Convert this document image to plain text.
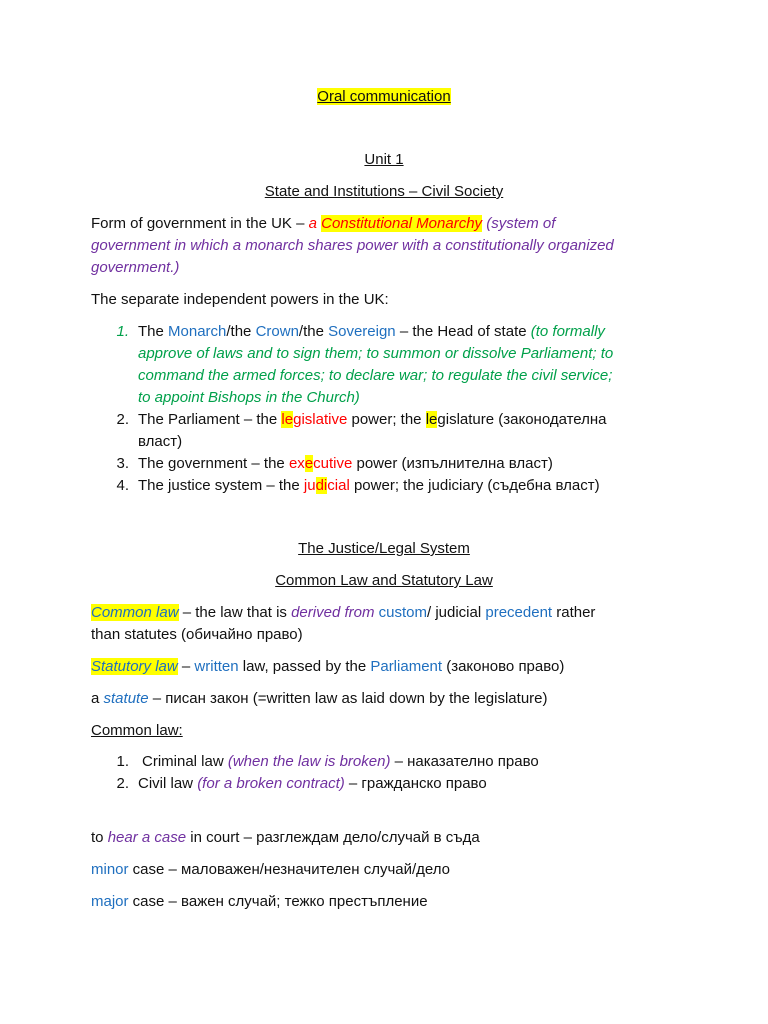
Oral communication
Unit 1
State and Institutions – Civil Society
Form of government in the UK – a Constitutional Monarchy (system of
government in which a monarch shares power with a constitutionally organized
government.)
The separate independent powers in the UK:
1. The Monarch/the Crown/the Sovereign – the Head of state (to formally
approve of laws and to sign them; to summon or dissolve Parliament; to
command the armed forces; to declare war; to regulate the civil service;
to appoint Bishops in the Church)
2. The Parliament – the legislative power; the legislature (законодателна
власт)
3. The government – the executive power (изпълнителна власт)
4. The justice system – the judicial power; the judiciary (съдебна власт)
The Justice/Legal System
Common Law and Statutory Law
Common law – the law that is derived from custom/ judicial precedent rather
than statutes (обичайно право)
Statutory law – written law, passed by the Parliament (законово право)
a statute – писан закон (=written law as laid down by the legislature)
Common law:
1. Criminal law (when the law is broken) – наказателно право
2. Civil law (for a broken contract) – гражданско право
to hear a case in court – разглеждам дело/случай в съда
minor case – маловажен/незначителен случай/дело
major case – важен случай; тежко престъпление
